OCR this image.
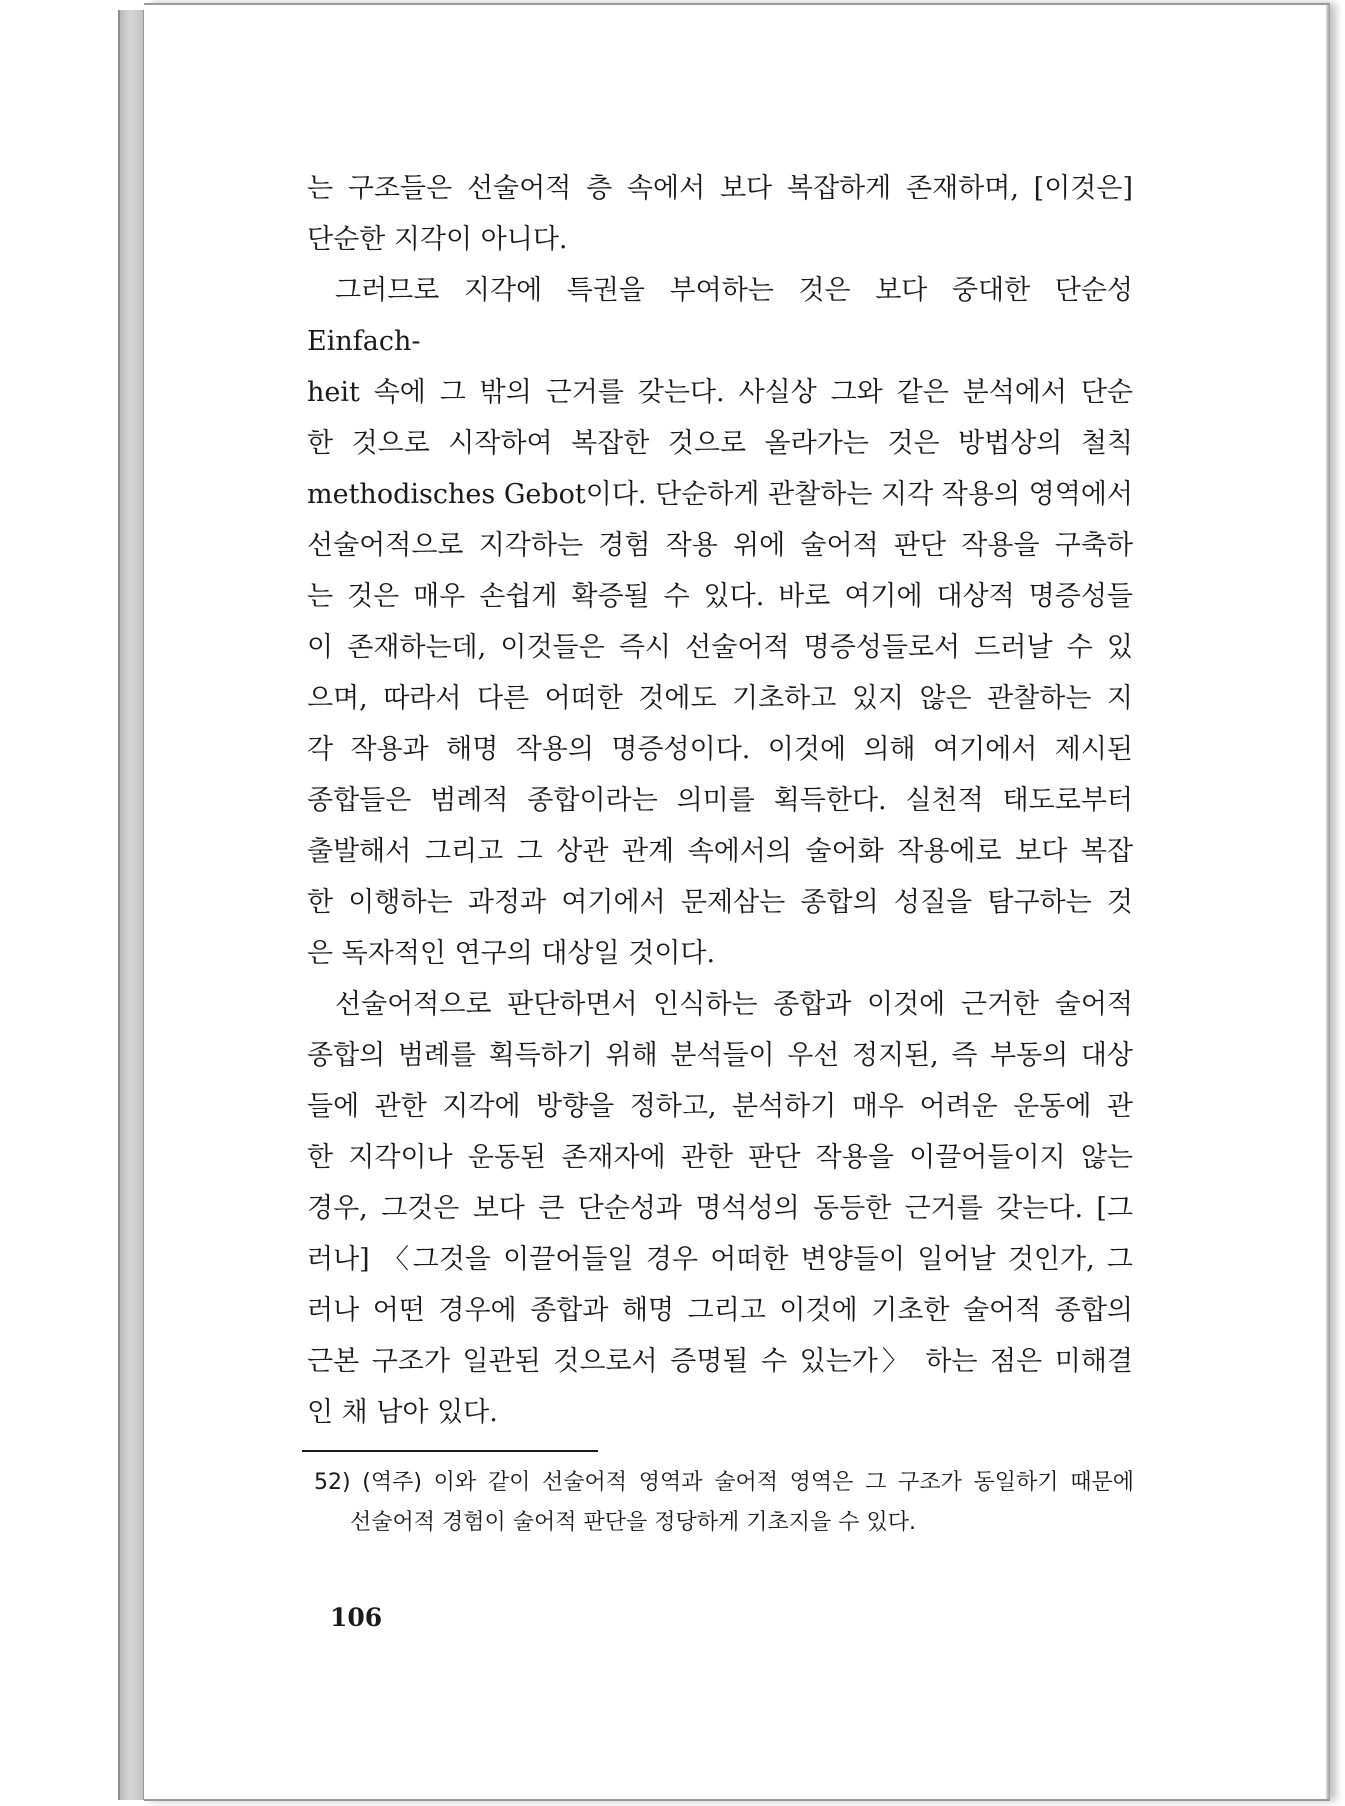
는 구조들은 선술어적 층 속에서 보다 복잡하게 존재하며, [이것은]

단순한 지각이 아니다.

그러므로 지각에 특권을 부여하는 것은 보다 중대한 단순성 Einfach-

heit 속에 그 밖의 근거를 갖는다. 사실상 그와 같은 분석에서 단순

한 것으로 시작하여 복잡한 것으로 올라가는 것은 방법상의 철칙

methodisches Gebot이다. 단순하게 관찰하는 지각 작용의 영역에서

선술어적으로 지각하는 경험 작용 위에 술어적 판단 작용을 구축하

는 것은 매우 손쉽게 확증될 수 있다. 바로 여기에 대상적 명증성들

이 존재하는데, 이것들은 즉시 선술어적 명증성들로서 드러날 수 있

으며, 따라서 다른 어떠한 것에도 기초하고 있지 않은 관찰하는 지

각 작용과 해명 작용의 명증성이다. 이것에 의해 여기에서 제시된

종합들은 범례적 종합이라는 의미를 획득한다. 실천적 태도로부터

출발해서 그리고 그 상관 관계 속에서의 술어화 작용에로 보다 복잡

한 이행하는 과정과 여기에서 문제삼는 종합의 성질을 탐구하는 것

은 독자적인 연구의 대상일 것이다.

선술어적으로 판단하면서 인식하는 종합과 이것에 근거한 술어적

종합의 범례를 획득하기 위해 분석들이 우선 정지된, 즉 부동의 대상

들에 관한 지각에 방향을 정하고, 분석하기 매우 어려운 운동에 관

한 지각이나 운동된 존재자에 관한 판단 작용을 이끌어들이지 않는

경우, 그것은 보다 큰 단순성과 명석성의 동등한 근거를 갖는다. [그

러나] 〈그것을 이끌어들일 경우 어떠한 변양들이 일어날 것인가, 그

러나 어떤 경우에 종합과 해명 그리고 이것에 기초한 술어적 종합의

근본 구조가 일관된 것으로서 증명될 수 있는가〉 하는 점은 미해결

인 채 남아 있다.

52) (역주) 이와 같이 선술어적 영역과 술어적 영역은 그 구조가 동일하기 때문에 선술어적 경험이 술어적 판단을 정당하게 기초지을 수 있다.

106
